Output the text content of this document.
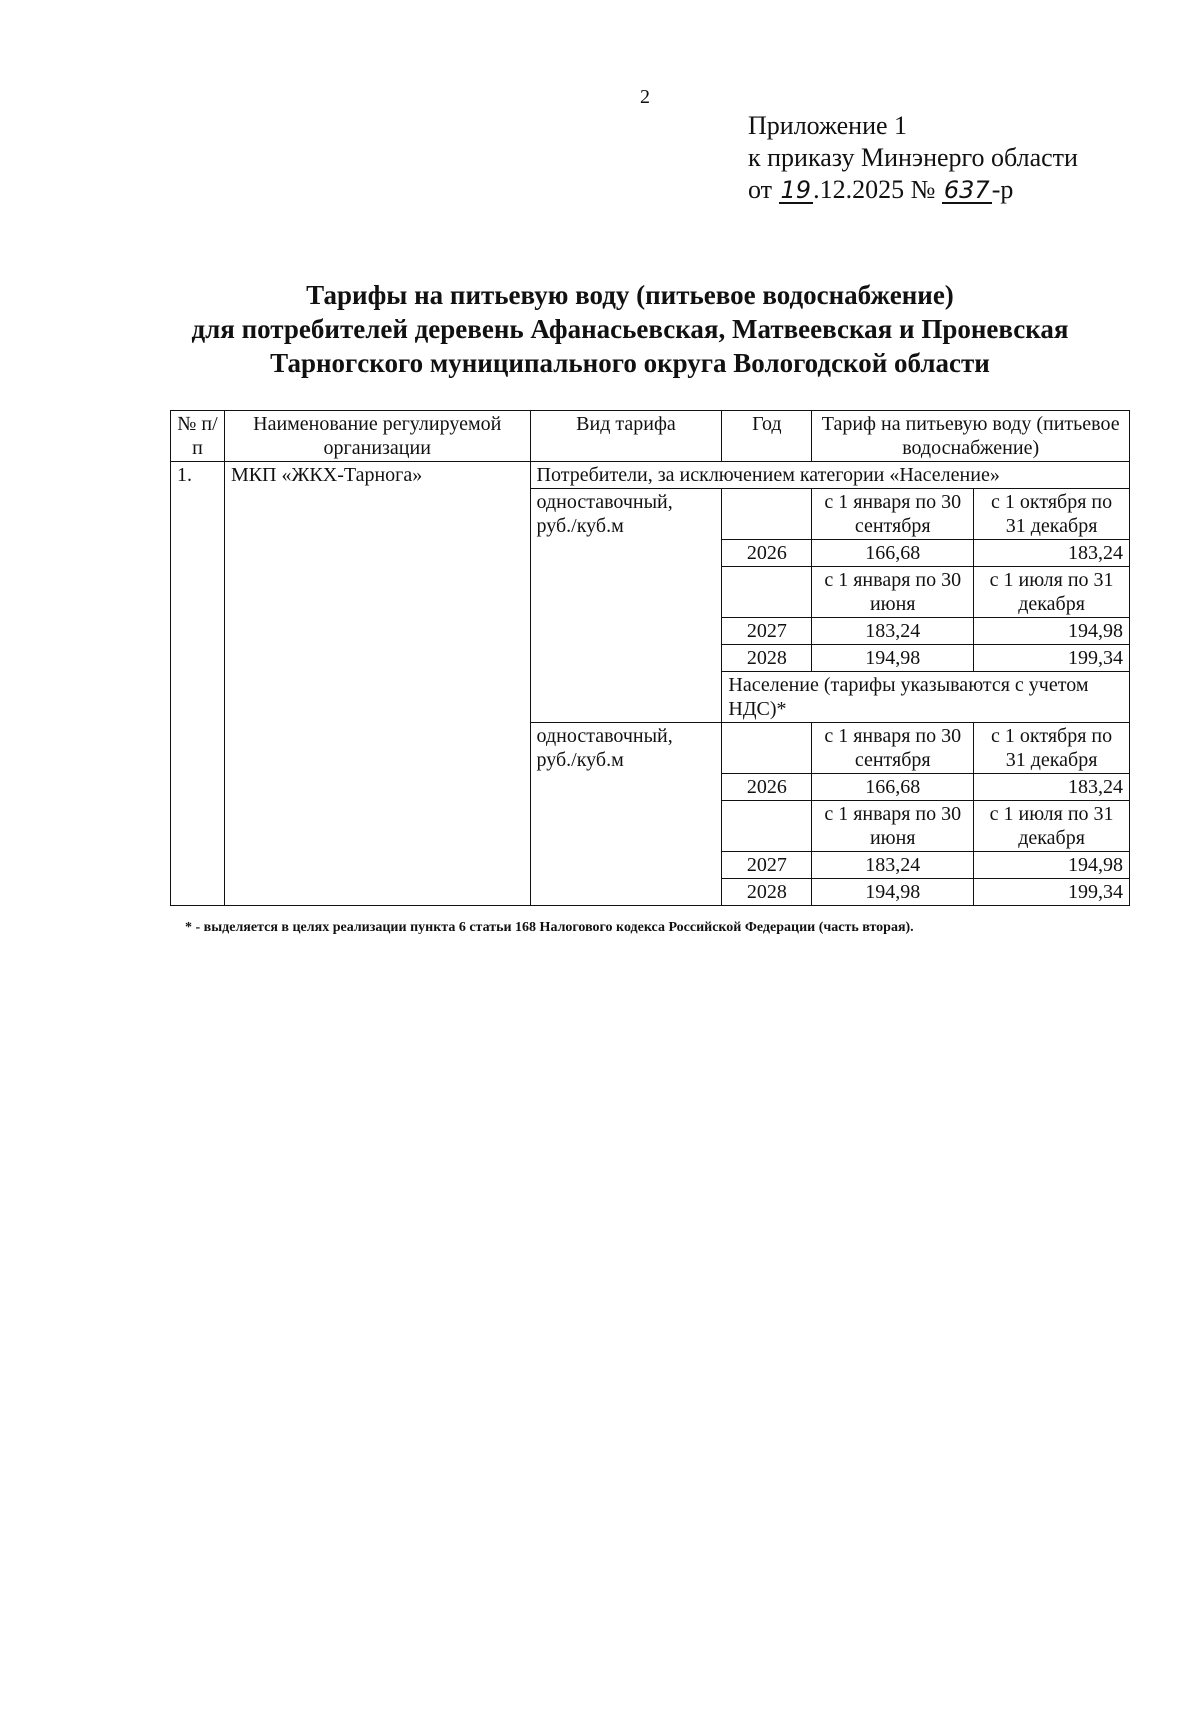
2
Приложение 1
к приказу Минэнерго области
от 19.12.2025 № 637-р
Тарифы на питьевую воду (питьевое водоснабжение)
для потребителей деревень Афанасьевская, Матвеевская и Проневская
Тарногского муниципального округа Вологодской области
№ п/п	Наименование регулируемой организации	Вид тарифа	Год	Тариф на питьевую воду (питьевое водоснабжение)	
1.	МКП «ЖКХ-Тарнога»	Потребители, за исключением категории «Население»			
		одноставочный, руб./куб.м		с 1 января по 30 сентября	с 1 октября по 31 декабря
			2026	166,68	183,24
				с 1 января по 30 июня	с 1 июля по 31 декабря
			2027	183,24	194,98
			2028	194,98	199,34
			Население (тарифы указываются с учетом НДС)*		
		одноставочный, руб./куб.м		с 1 января по 30 сентября	с 1 октября по 31 декабря
			2026	166,68	183,24
				с 1 января по 30 июня	с 1 июля по 31 декабря
			2027	183,24	194,98
			2028	194,98	199,34
* - выделяется в целях реализации пункта 6 статьи 168 Налогового кодекса Российской Федерации (часть вторая).
